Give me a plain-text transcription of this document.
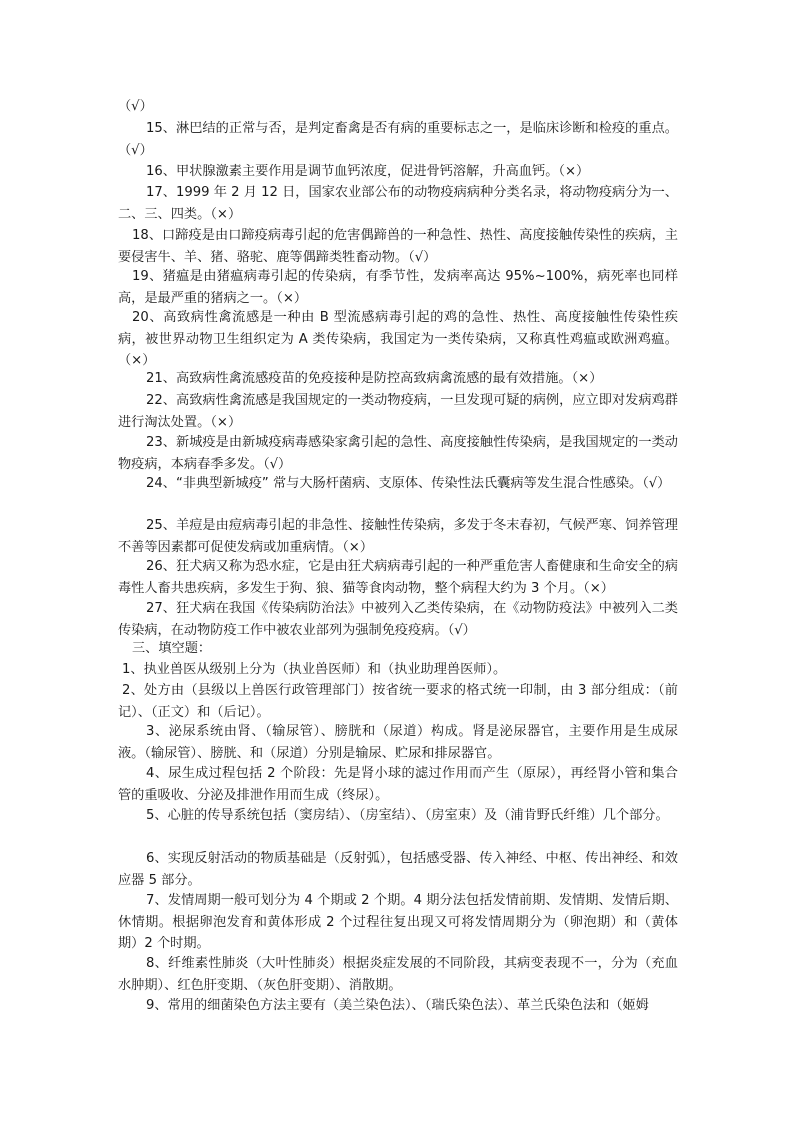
（√）

15、淋巴结的正常与否，是判定畜禽是否有病的重要标志之一，是临床诊断和检疫的重点。（√）

16、甲状腺激素主要作用是调节血钙浓度，促进骨钙溶解，升高血钙。（×）

17、1999 年 2 月 12 日，国家农业部公布的动物疫病病种分类名录，将动物疫病分为一、二、三、四类。（×）

18、口蹄疫是由口蹄疫病毒引起的危害偶蹄兽的一种急性、热性、高度接触传染性的疾病，主要侵害牛、羊、猪、骆驼、鹿等偶蹄类牲畜动物。（√）

19、猪瘟是由猪瘟病毒引起的传染病，有季节性，发病率高达 95%~100%，病死率也同样高，是最严重的猪病之一。（×）

20、高致病性禽流感是一种由 B 型流感病毒引起的鸡的急性、热性、高度接触性传染性疾病，被世界动物卫生组织定为 A 类传染病，我国定为一类传染病，又称真性鸡瘟或欧洲鸡瘟。（×）

21、高致病性禽流感疫苗的免疫接种是防控高致病禽流感的最有效措施。（×）

22、高致病性禽流感是我国规定的一类动物疫病，一旦发现可疑的病例，应立即对发病鸡群进行淘汰处置。（×）

23、新城疫是由新城疫病毒感染家禽引起的急性、高度接触性传染病，是我国规定的一类动物疫病，本病春季多发。（√）

24、“非典型新城疫” 常与大肠杆菌病、支原体、传染性法氏囊病等发生混合性感染。（√）

25、羊痘是由痘病毒引起的非急性、接触性传染病，多发于冬末春初，气候严寒、饲养管理不善等因素都可促使发病或加重病情。（×）

26、狂犬病又称为恐水症，它是由狂犬病病毒引起的一种严重危害人畜健康和生命安全的病毒性人畜共患疾病，多发生于狗、狼、猫等食肉动物，整个病程大约为 3 个月。（×）

27、狂犬病在我国《传染病防治法》中被列入乙类传染病，在《动物防疫法》中被列入二类传染病，在动物防疫工作中被农业部列为强制免疫疫病。（√）

三、填空题：

1、执业兽医从级别上分为（执业兽医师）和（执业助理兽医师）。

2、处方由（县级以上兽医行政管理部门）按省统一要求的格式统一印制，由 3 部分组成：（前记）、（正文）和（后记）。

3、泌尿系统由肾、（输尿管）、膀胱和（尿道）构成。肾是泌尿器官，主要作用是生成尿液。（输尿管）、膀胱、和（尿道）分别是输尿、贮尿和排尿器官。

4、尿生成过程包括 2 个阶段：先是肾小球的滤过作用而产生（原尿），再经肾小管和集合管的重吸收、分泌及排泄作用而生成（终尿）。

5、心脏的传导系统包括（窦房结）、（房室结）、（房室束）及（浦肯野氏纤维）几个部分。

6、实现反射活动的物质基础是（反射弧），包括感受器、传入神经、中枢、传出神经、和效应器 5 部分。

7、发情周期一般可划分为 4 个期或 2 个期。4 期分法包括发情前期、发情期、发情后期、休情期。根据卵泡发育和黄体形成 2 个过程往复出现又可将发情周期分为（卵泡期）和（黄体期）2 个时期。

8、纤维素性肺炎（大叶性肺炎）根据炎症发展的不同阶段，其病变表现不一，分为（充血水肿期）、红色肝变期、（灰色肝变期）、消散期。

9、常用的细菌染色方法主要有（美兰染色法）、（瑞氏染色法）、革兰氏染色法和（姬姆
